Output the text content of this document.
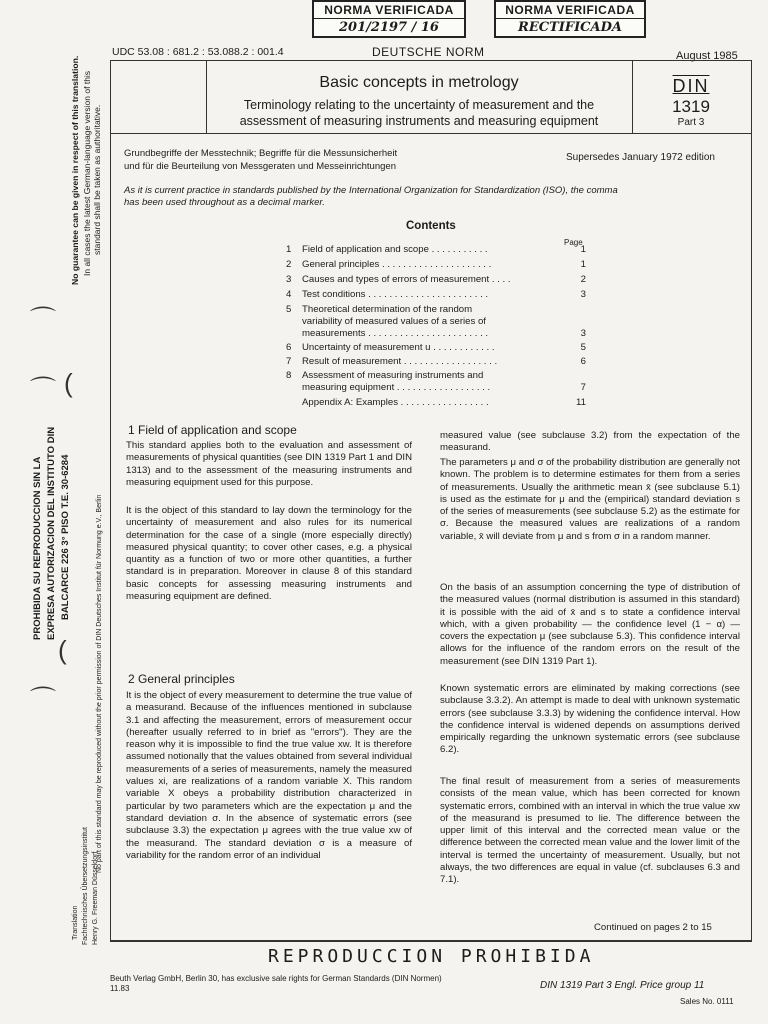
NORMA VERIFICADA
201/2197 / 16
NORMA VERIFICADA
RECTIFICADA
UDC 53.08 : 681.2 : 53.088.2 : 001.4	DEUTSCHE NORM	August 1985
Basic concepts in metrology
Terminology relating to the uncertainty of measurement and the
assessment of measuring instruments and measuring equipment
DIN
1319
Part 3
Grundbegriffe der Messtechnik; Begriffe für die Messunsicherheit
und für die Beurteilung von Messgeraten und Messeinrichtungen
Supersedes January 1972 edition
As it is current practice in standards published by the International Organization for Standardization (ISO), the comma
has been used throughout as a decimal marker.
Contents
Page
1 Field of application and scope . . . . . . . . . . .	1
2 General principles . . . . . . . . . . . . . . . . . . . . .	1
3 Causes and types of errors of measurement . . . .	2
4 Test conditions . . . . . . . . . . . . . . . . . . . . . . .	3
5 Theoretical determination of the random
variability of measured values of a series of
measurements . . . . . . . . . . . . . . . . . . . . . . .	3
6 Uncertainty of measurement u . . . . . . . . . . . .	5
7 Result of measurement . . . . . . . . . . . . . . . . . .	6
8 Assessment of measuring instruments and
measuring equipment . . . . . . . . . . . . . . . . . .	7
Appendix A: Examples . . . . . . . . . . . . . . . . .	11
1 Field of application and scope
This standard applies both to the evaluation and assessment of measurements of physical quantities (see DIN 1319 Part 1 and DIN 1313) and to the assessment of the measuring instruments and measuring equipment used for this purpose.
It is the object of this standard to lay down the terminology for the uncertainty of measurement and also rules for its numerical determination for the case of a single (more especially directly) measured physical quantity; to cover other cases, e.g. a physical quantity as a function of two or more other quantities, a further standard is in preparation. Moreover in clause 8 of this standard basic concepts for assessing measuring instruments and measuring equipment are defined.
2 General principles
It is the object of every measurement to determine the true value of a measurand. Because of the influences mentioned in subclause 3.1 and affecting the measurement, errors of measurement occur (hereafter usually referred to in brief as "errors"). They are the reason why it is impossible to find the true value xw. It is therefore assumed notionally that the values obtained from several individual measurements of a series of measurements, namely the measured values xi, are realizations of a random variable X. This random variable X obeys a probability distribution characterized in particular by two parameters which are the expectation μ and the standard deviation σ. In the absence of systematic errors (see subclause 3.3) the expectation μ agrees with the true value xw of the measurand. The standard deviation σ is a measure of variability for the random error of an individual
measured value (see subclause 3.2) from the expectation of the measurand.
The parameters μ and σ of the probability distribution are generally not known. The problem is to determine estimates for them from a series of measurements. Usually the arithmetic mean x̄ (see subclause 5.1) is used as the estimate for μ and the (empirical) standard deviation s of the series of measurements (see subclause 5.2) as the estimate for σ. Because the measured values are realizations of a random variable, x̄ will deviate from μ and s from σ in a random manner.
On the basis of an assumption concerning the type of distribution of the measured values (normal distribution is assumed in this standard) it is possible with the aid of x̄ and s to state a confidence interval which, with a given probability — the confidence level (1 − α) — covers the expectation μ (see subclause 5.3). This confidence interval allows for the influence of the random errors on the result of the measurement (see DIN 1319 Part 1).
Known systematic errors are eliminated by making corrections (see subclause 3.3.2). An attempt is made to deal with unknown systematic errors (see subclause 3.3.3) by widening the confidence interval. How the confidence interval is widened depends on assumptions derived empirically regarding the unknown systematic errors (see subclause 6.2).
The final result of measurement from a series of measurements consists of the mean value, which has been corrected for known systematic errors, combined with an interval in which the true value xw of the measurand is presumed to lie. The difference between the upper limit of this interval and the corrected mean value or the difference between the corrected mean value and the lower limit of the interval is termed the uncertainty of measurement. Usually, but not always, the two differences are equal in value (cf. subclauses 6.3 and 7.1).
Continued on pages 2 to 15
REPRODUCCION PROHIBIDA
Beuth Verlag GmbH, Berlin 30, has exclusive sale rights for German Standards (DIN Normen)
11.83	DIN 1319 Part 3 Engl. Price group 11
Sales No. 0111
No guarantee can be given in respect of this translation. In all cases the latest German-language version of this standard shall be taken as authoritative.
No part of this standard may be reproduced without the prior permission of DIN Deutsches Institut für Normung e.V., Berlin
Translation Fachtechnisches Übersetzungsinstitut Henry G. Freeman Düsseldorf
PROHIBIDA SU REPRODUCCION SIN LA EXPRESA AUTORIZACION DEL INSTITUTO DIN BALCARCE 226 3° PISO T.E. 30-6284
⌒
⌒ (
⌒
(
